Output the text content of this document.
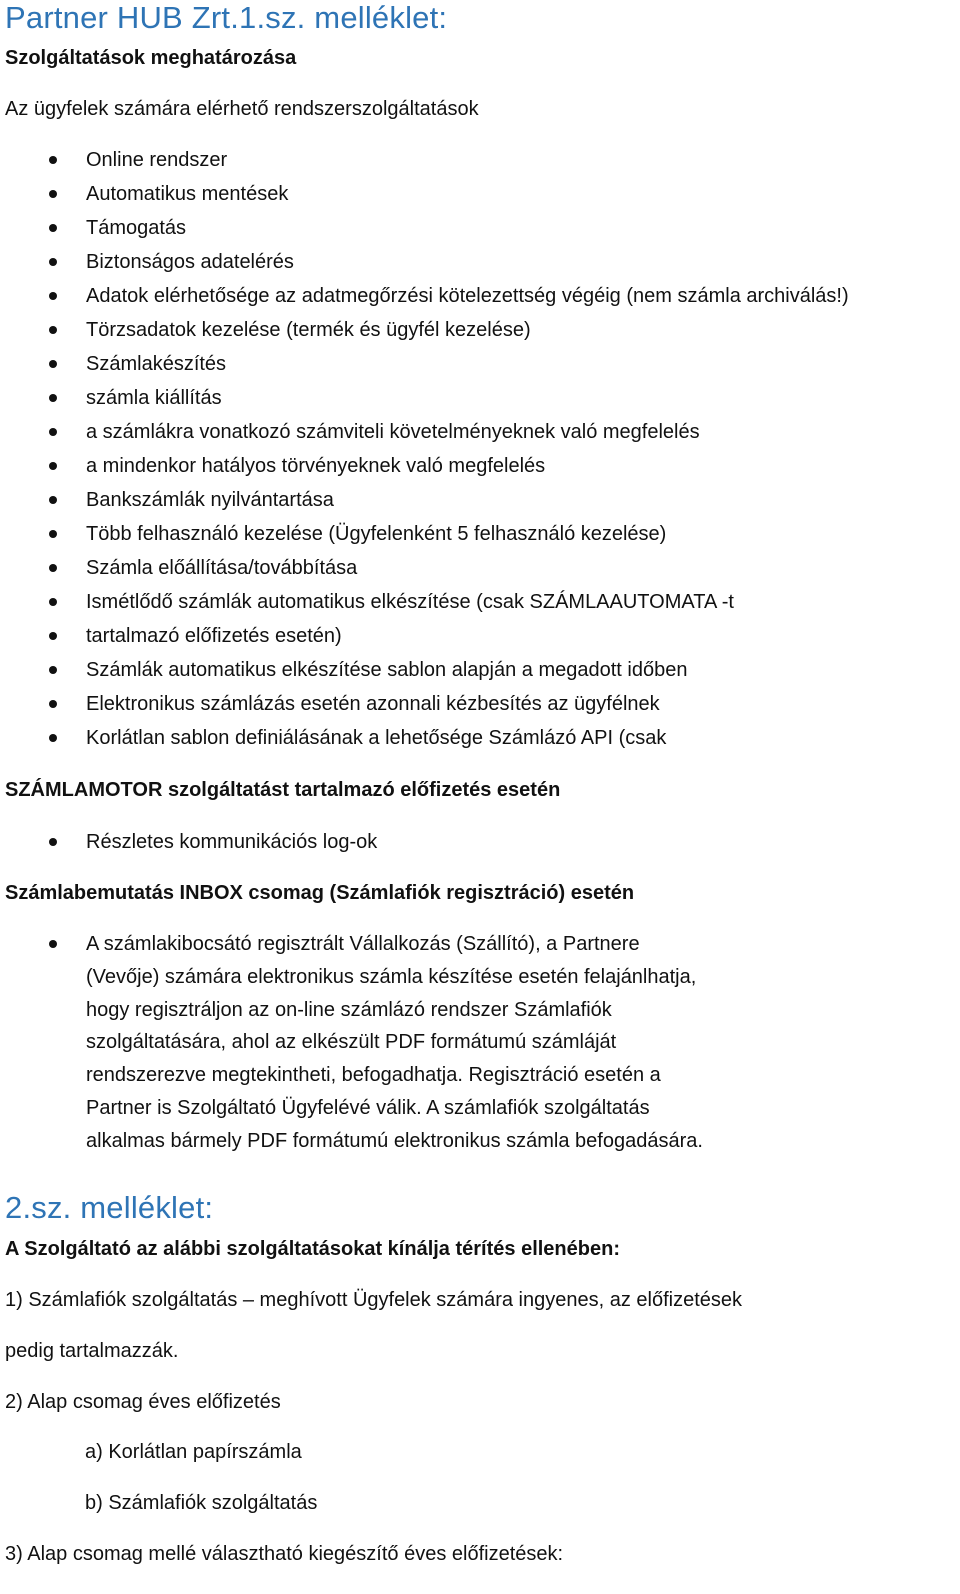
Partner HUB Zrt.1.sz. melléklet:

Szolgáltatások meghatározása

Az ügyfelek számára elérhető rendszerszolgáltatások

Online rendszer
Automatikus mentések
Támogatás
Biztonságos adatelérés
Adatok elérhetősége az adatmegőrzési kötelezettség végéig (nem számla archiválás!)
Törzsadatok kezelése (termék és ügyfél kezelése)
Számlakészítés
számla kiállítás
a számlákra vonatkozó számviteli követelményeknek való megfelelés
a mindenkor hatályos törvényeknek való megfelelés
Bankszámlák nyilvántartása
Több felhasználó kezelése (Ügyfelenként 5 felhasználó kezelése)
Számla előállítása/továbbítása
Ismétlődő számlák automatikus elkészítése (csak SZÁMLAAUTOMATA -t
tartalmazó előfizetés esetén)
Számlák automatikus elkészítése sablon alapján a megadott időben
Elektronikus számlázás esetén azonnali kézbesítés az ügyfélnek
Korlátlan sablon definiálásának a lehetősége Számlázó API (csak

SZÁMLAMOTOR szolgáltatást tartalmazó előfizetés esetén

Részletes kommunikációs log-ok

Számlabemutatás INBOX csomag (Számlafiók regisztráció) esetén

A számlakibocsátó regisztrált Vállalkozás (Szállító), a Partnere
(Vevője) számára elektronikus számla készítése esetén felajánlhatja,
hogy regisztráljon az on-line számlázó rendszer Számlafiók
szolgáltatására, ahol az elkészült PDF formátumú számláját
rendszerezve megtekintheti, befogadhatja. Regisztráció esetén a
Partner is Szolgáltató Ügyfelévé válik. A számlafiók szolgáltatás
alkalmas bármely PDF formátumú elektronikus számla befogadására.
2.sz. melléklet:

A Szolgáltató az alábbi szolgáltatásokat kínálja térítés ellenében:

1) Számlafiók szolgáltatás – meghívott Ügyfelek számára ingyenes, az előfizetések

pedig tartalmazzák.

2) Alap csomag éves előfizetés

a) Korlátlan papírszámla

b) Számlafiók szolgáltatás

3) Alap csomag mellé választható kiegészítő éves előfizetések:
